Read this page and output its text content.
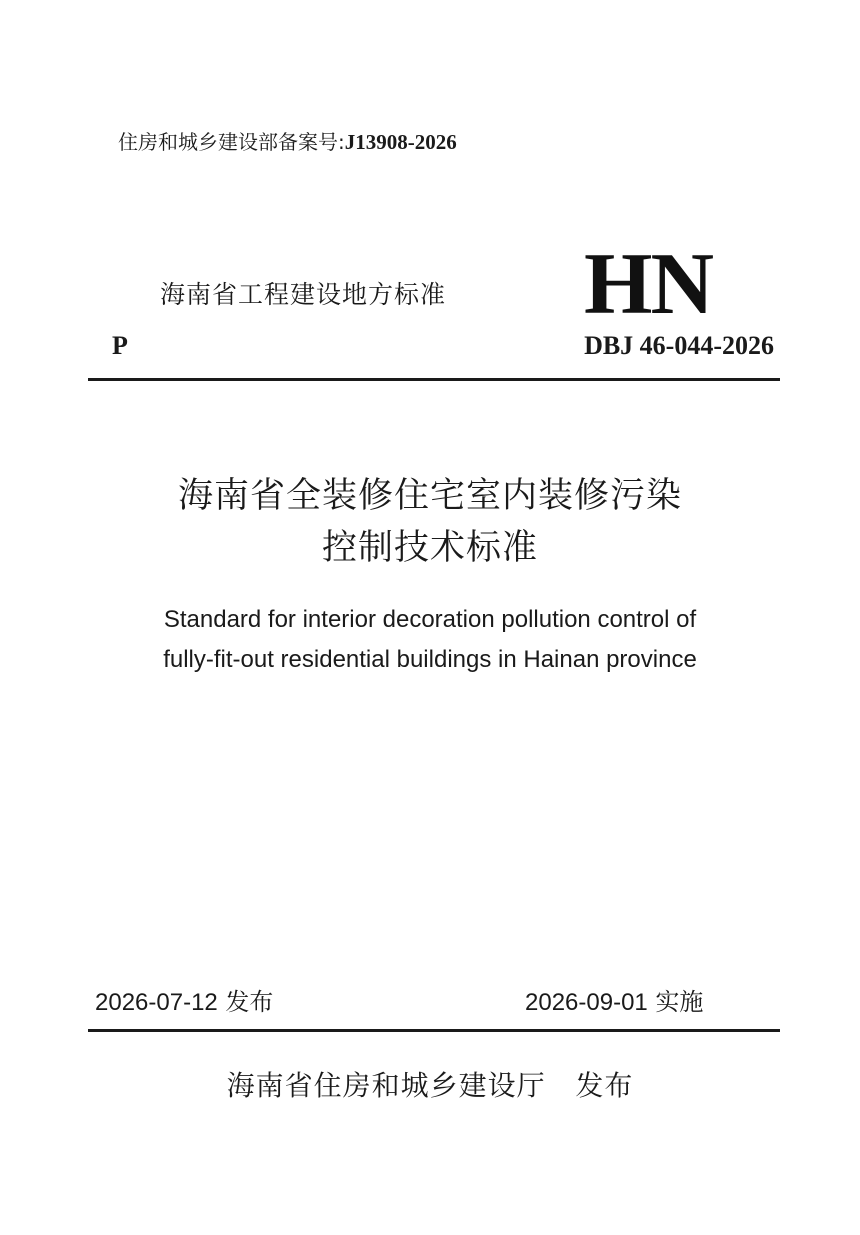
住房和城乡建设部备案号:J13908-2026
海南省工程建设地方标准 HN
P	DBJ 46-044-2026
海南省全装修住宅室内装修污染
控制技术标准
Standard for interior decoration pollution control of
fully-fit-out residential buildings in Hainan province
2026-07-12 发布	2026-09-01 实施
海南省住房和城乡建设厅 发布
